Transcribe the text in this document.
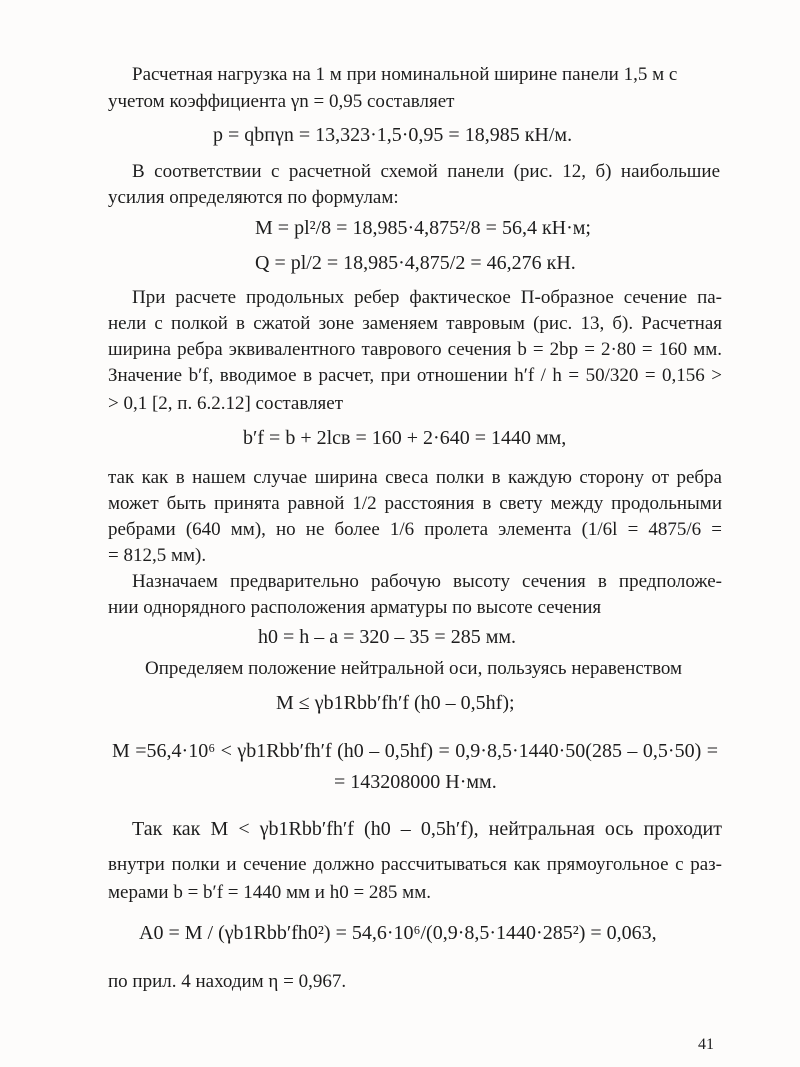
Расчетная нагрузка на 1 м при номинальной ширине панели 1,5 м с
учетом коэффициента γn = 0,95 составляет
p = qbпγn = 13,323·1,5·0,95 = 18,985 кН/м.
В соответствии с расчетной схемой панели (рис. 12, б) наибольшие
усилия определяются по формулам:
M = pl²/8 = 18,985·4,875²/8 = 56,4 кН·м;
Q = pl/2 = 18,985·4,875/2 = 46,276 кН.
При расчете продольных ребер фактическое П-образное сечение па-
нели с полкой в сжатой зоне заменяем тавровым (рис. 13, б). Расчетная
ширина ребра эквивалентного таврового сечения b = 2bр = 2·80 = 160 мм.
Значение b′f, вводимое в расчет, при отношении h′f / h = 50/320 = 0,156 >
> 0,1 [2, п. 6.2.12] составляет
b′f = b + 2lсв = 160 + 2·640 = 1440 мм,
так как в нашем случае ширина свеса полки в каждую сторону от ребра
может быть принята равной 1/2 расстояния в свету между продольными
ребрами (640 мм), но не более 1/6 пролета элемента (1/6l = 4875/6 =
= 812,5 мм).
Назначаем предварительно рабочую высоту сечения в предположе-
нии однорядного расположения арматуры по высоте сечения
h0 = h – a = 320 – 35 = 285 мм.
Определяем положение нейтральной оси, пользуясь неравенством
M ≤ γb1Rbb′fh′f (h0 – 0,5hf);
M =56,4·10⁶ < γb1Rbb′fh′f (h0 – 0,5hf) = 0,9·8,5·1440·50(285 – 0,5·50) =
= 143208000 Н·мм.
Так как M < γb1Rbb′fh′f (h0 – 0,5h′f), нейтральная ось проходит
внутри полки и сечение должно рассчитываться как прямоугольное с раз-
мерами b = b′f = 1440 мм и h0 = 285 мм.
A0 = M / (γb1Rbb′fh0²) = 54,6·10⁶/(0,9·8,5·1440·285²) = 0,063,
по прил. 4 находим η = 0,967.
41
